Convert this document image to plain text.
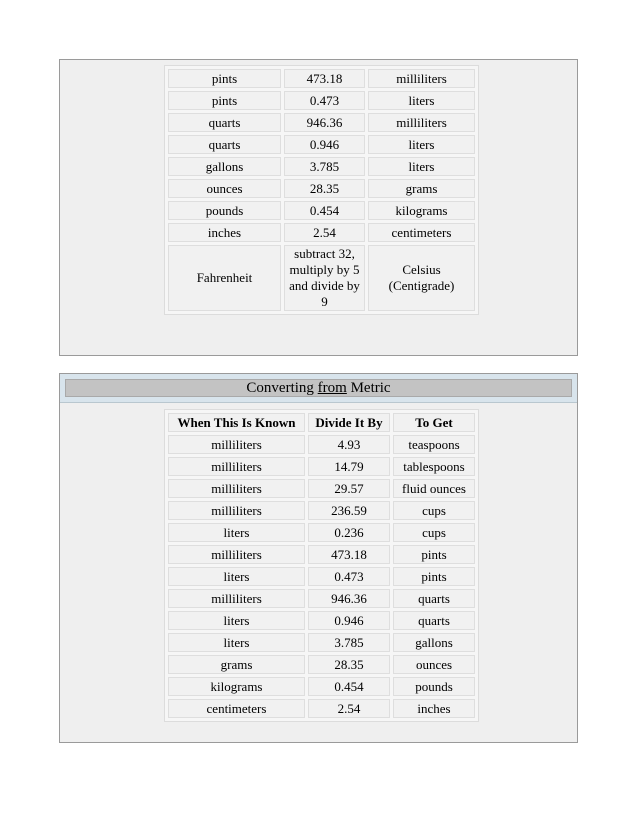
pints	473.18	milliliters
pints	0.473	liters
quarts	946.36	milliliters
quarts	0.946	liters
gallons	3.785	liters
ounces	28.35	grams
pounds	0.454	kilograms
inches	2.54	centimeters
Fahrenheit	subtract 32, multiply by 5 and divide by 9	Celsius (Centigrade)
Converting from Metric
When This Is Known	Divide It By	To Get
milliliters	4.93	teaspoons
milliliters	14.79	tablespoons
milliliters	29.57	fluid ounces
milliliters	236.59	cups
liters	0.236	cups
milliliters	473.18	pints
liters	0.473	pints
milliliters	946.36	quarts
liters	0.946	quarts
liters	3.785	gallons
grams	28.35	ounces
kilograms	0.454	pounds
centimeters	2.54	inches
